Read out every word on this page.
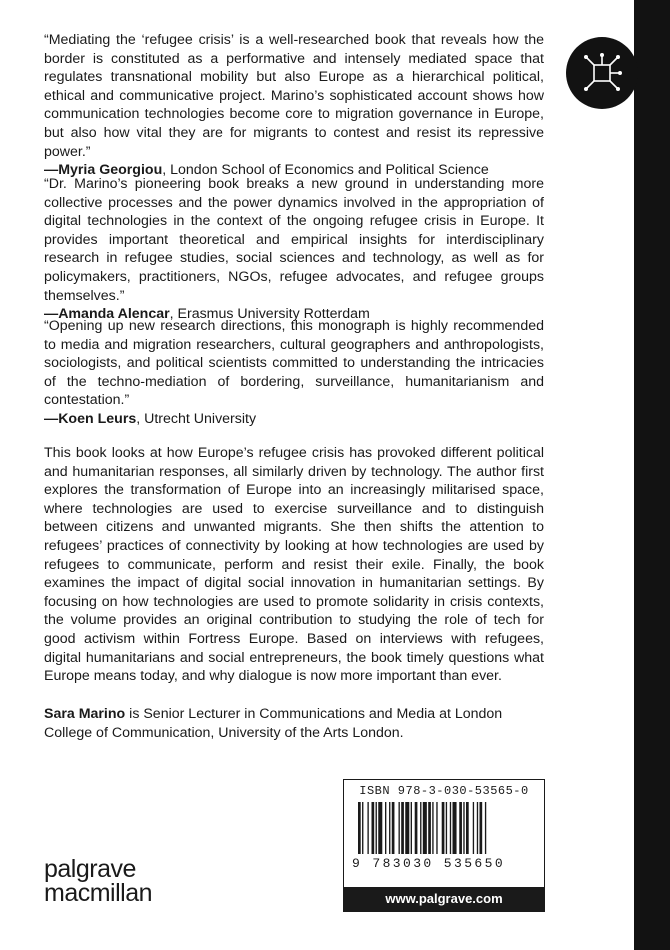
“Mediating the ‘refugee crisis’ is a well-researched book that reveals how the border is constituted as a performative and intensely mediated space that regulates transnational mobility but also Europe as a hierarchical political, ethical and communicative project. Marino’s sophisticated account shows how communication technologies become core to migration governance in Europe, but also how vital they are for migrants to contest and resist its repressive power.”

—Myria Georgiou, London School of Economics and Political Science

“Dr. Marino’s pioneering book breaks a new ground in understanding more collective processes and the power dynamics involved in the appropriation of digital technologies in the context of the ongoing refugee crisis in Europe. It provides important theoretical and empirical insights for interdisciplinary research in refugee studies, social sciences and technology, as well as for policymakers, practitioners, NGOs, refugee advocates, and refugee groups themselves.”

—Amanda Alencar, Erasmus University Rotterdam

“Opening up new research directions, this monograph is highly recommended to media and migration researchers, cultural geographers and anthropologists, sociologists, and political scientists committed to understanding the intricacies of the techno-mediation of bordering, surveillance, humanitarianism and contestation.”

—Koen Leurs, Utrecht University

This book looks at how Europe’s refugee crisis has provoked different political and humanitarian responses, all similarly driven by technology. The author first explores the transformation of Europe into an increasingly militarised space, where technologies are used to exercise surveillance and to distinguish between citizens and unwanted migrants. She then shifts the attention to refugees’ practices of connectivity by looking at how technologies are used by refugees to communicate, perform and resist their exile. Finally, the book examines the impact of digital social innovation in humanitarian settings. By focusing on how technologies are used to promote solidarity in crisis contexts, the volume provides an original contribution to studying the role of tech for good activism within Fortress Europe. Based on interviews with refugees, digital humanitarians and social entrepreneurs, the book timely questions what Europe means today, and why dialogue is now more important than ever.

Sara Marino is Senior Lecturer in Communications and Media at London College of Communication, University of the Arts London.

ISBN 978-3-030-53565-0
9 783030 535650
www.palgrave.com
palgrave
macmillan
